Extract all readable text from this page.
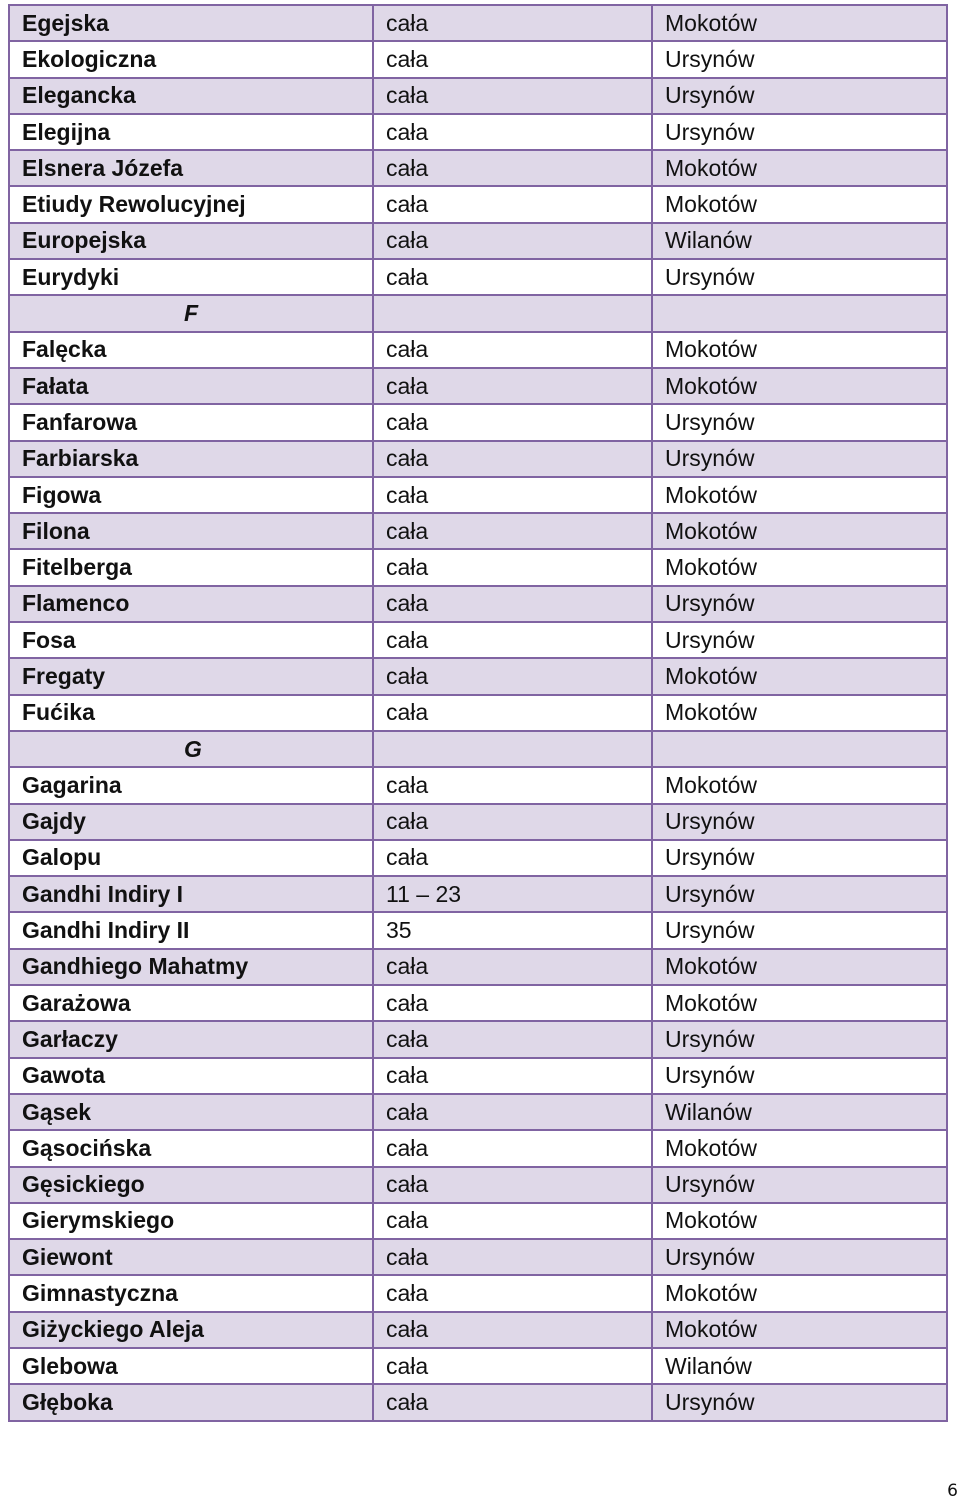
Egejska	cała	Mokotów
Ekologiczna	cała	Ursynów
Elegancka	cała	Ursynów
Elegijna	cała	Ursynów
Elsnera Józefa	cała	Mokotów
Etiudy Rewolucyjnej	cała	Mokotów
Europejska	cała	Wilanów
Eurydyki	cała	Ursynów
F		
Falęcka	cała	Mokotów
Fałata	cała	Mokotów
Fanfarowa	cała	Ursynów
Farbiarska	cała	Ursynów
Figowa	cała	Mokotów
Filona	cała	Mokotów
Fitelberga	cała	Mokotów
Flamenco	cała	Ursynów
Fosa	cała	Ursynów
Fregaty	cała	Mokotów
Fućika	cała	Mokotów
G		
Gagarina	cała	Mokotów
Gajdy	cała	Ursynów
Galopu	cała	Ursynów
Gandhi Indiry I	11 – 23	Ursynów
Gandhi Indiry II	35	Ursynów
Gandhiego Mahatmy	cała	Mokotów
Garażowa	cała	Mokotów
Garłaczy	cała	Ursynów
Gawota	cała	Ursynów
Gąsek	cała	Wilanów
Gąsocińska	cała	Mokotów
Gęsickiego	cała	Ursynów
Gierymskiego	cała	Mokotów
Giewont	cała	Ursynów
Gimnastyczna	cała	Mokotów
Giżyckiego Aleja	cała	Mokotów
Glebowa	cała	Wilanów
Głęboka	cała	Ursynów
6
